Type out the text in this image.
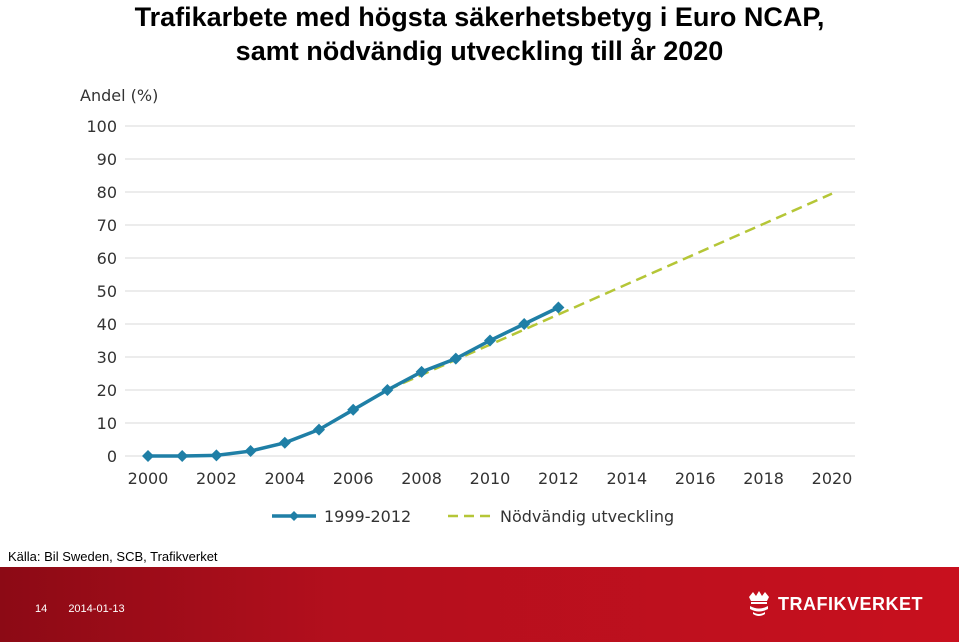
Trafikarbete med högsta säkerhetsbetyg i Euro NCAP,
samt nödvändig utveckling till år 2020
0
10
20
30
40
50
60
70
80
90
100
2000 2002 2004 2006 2008 2010 2012 2014 2016 2018 2020
Andel (%)
1999-2012	Nödvändig utveckling
Källa: Bil Sweden, SCB, Trafikverket
14 2014-01-13	TRAFIKVERKET
